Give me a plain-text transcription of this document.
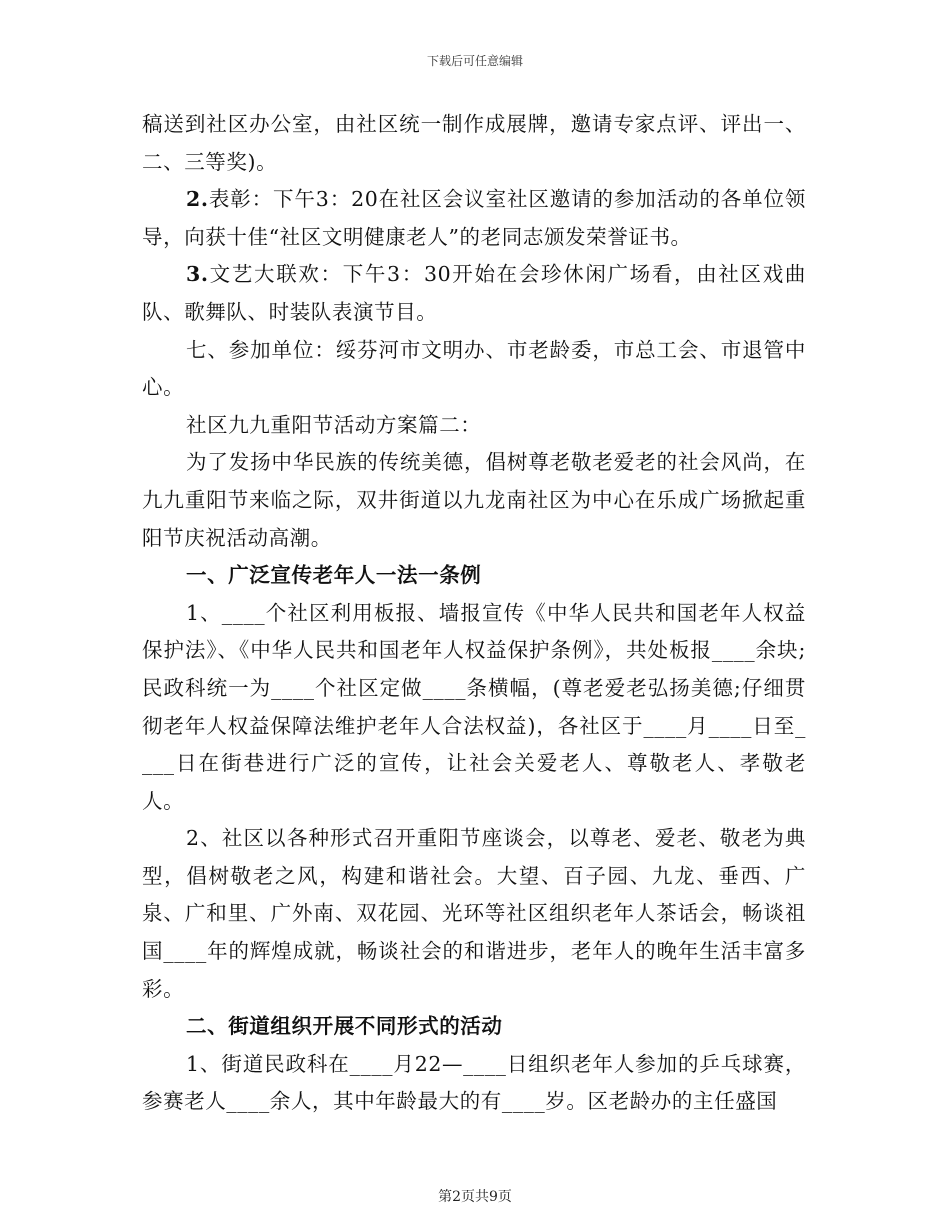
下载后可任意编辑

稿送到社区办公室，由社区统一制作成展牌，邀请专家点评、评出一、二、三等奖)。

2.表彰：下午3：20在社区会议室社区邀请的参加活动的各单位领导，向获十佳“社区文明健康老人”的老同志颁发荣誉证书。

3.文艺大联欢：下午3：30开始在会珍休闲广场看，由社区戏曲队、歌舞队、时装队表演节目。

七、参加单位：绥芬河市文明办、市老龄委，市总工会、市退管中心。

社区九九重阳节活动方案篇二：

为了发扬中华民族的传统美德，倡树尊老敬老爱老的社会风尚，在九九重阳节来临之际，双井街道以九龙南社区为中心在乐成广场掀起重阳节庆祝活动高潮。

一、广泛宣传老年人一法一条例

1、____个社区利用板报、墙报宣传《中华人民共和国老年人权益保护法》、《中华人民共和国老年人权益保护条例》，共处板报____余块;民政科统一为____个社区定做____条横幅，(尊老爱老弘扬美德;仔细贯彻老年人权益保障法维护老年人合法权益)，各社区于____月____日至____日在街巷进行广泛的宣传，让社会关爱老人、尊敬老人、孝敬老人。

2、社区以各种形式召开重阳节座谈会，以尊老、爱老、敬老为典型，倡树敬老之风，构建和谐社会。大望、百子园、九龙、垂西、广泉、广和里、广外南、双花园、光环等社区组织老年人茶话会，畅谈祖国____年的辉煌成就，畅谈社会的和谐进步，老年人的晚年生活丰富多彩。

二、街道组织开展不同形式的活动

1、街道民政科在____月22—____日组织老年人参加的乒乓球赛，参赛老人____余人，其中年龄最大的有____岁。区老龄办的主任盛国

第2页共9页
